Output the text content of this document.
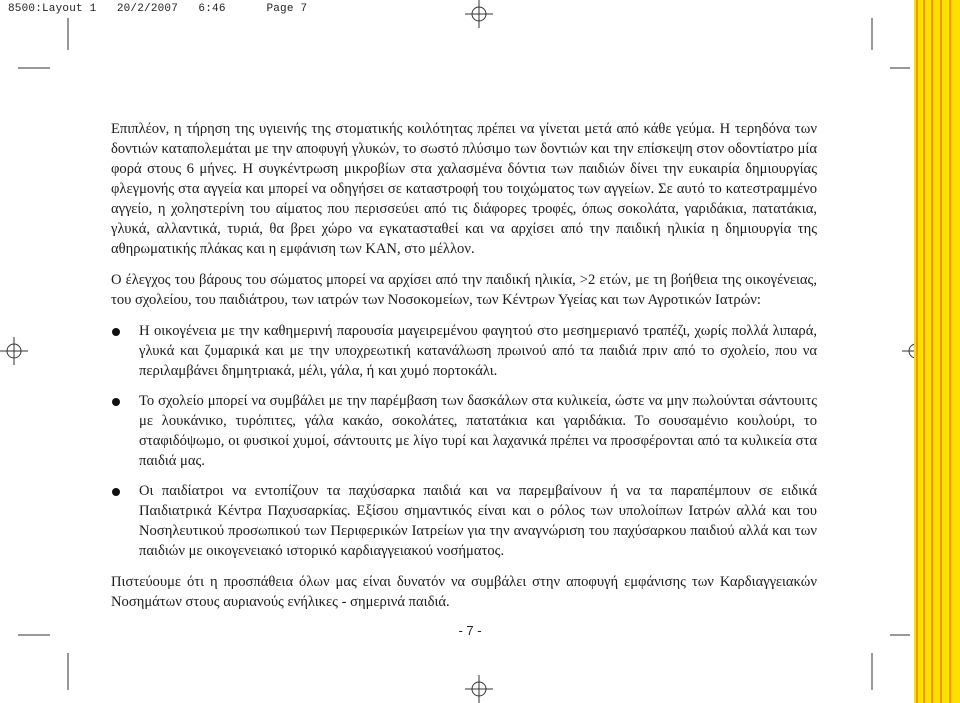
8500:Layout 1   20/2/2007   6:46      Page 7

Επιπλέον, η τήρηση της υγιεινής της στοματικής κοιλότητας πρέπει να γίνεται μετά από κάθε γεύμα. Η τερηδόνα των δοντιών καταπολεμάται με την αποφυγή γλυκών, το σωστό πλύσιμο των δοντιών και την επίσκεψη στον οδοντίατρο μία φορά στους 6 μήνες. Η συγκέντρωση μικροβίων στα χαλασμένα δόντια των παιδιών δίνει την ευκαιρία δημιουργίας φλεγμονής στα αγγεία και μπορεί να οδηγήσει σε καταστροφή του τοιχώματος των αγγείων. Σε αυτό το κατεστραμμένο αγγείο, η χοληστερίνη του αίματος που περισσεύει από τις διάφορες τροφές, όπως σοκολάτα, γαριδάκια, πατατάκια, γλυκά, αλλαντικά, τυριά, θα βρει χώρο να εγκατασταθεί και να αρχίσει από την παιδική ηλικία η δημιουργία της αθηρωματικής πλάκας και η εμφάνιση των ΚΑΝ, στο μέλλον.

Ο έλεγχος του βάρους του σώματος μπορεί να αρχίσει από την παιδική ηλικία, >2 ετών, με τη βοήθεια της οικογένειας, του σχολείου, του παιδιάτρου, των ιατρών των Νοσοκομείων, των Κέντρων Υγείας και των Αγροτικών Ιατρών:

Η οικογένεια με την καθημερινή παρουσία μαγειρεμένου φαγητού στο μεσημεριανό τραπέζι, χωρίς πολλά λιπαρά, γλυκά και ζυμαρικά και με την υποχρεωτική κατανάλωση πρωινού από τα παιδιά πριν από το σχολείο, που να περιλαμβάνει δημητριακά, μέλι, γάλα, ή και χυμό πορτοκάλι.
Το σχολείο μπορεί να συμβάλει με την παρέμβαση των δασκάλων στα κυλικεία, ώστε να μην πωλούνται σάντουιτς με λουκάνικο, τυρόπιτες, γάλα κακάο, σοκολάτες, πατατάκια και γαριδάκια. Το σουσαμένιο κουλούρι, το σταφιδόψωμο, οι φυσικοί χυμοί, σάντουιτς με λίγο τυρί και λαχανικά πρέπει να προσφέρονται από τα κυλικεία στα παιδιά μας.
Οι παιδίατροι να εντοπίζουν τα παχύσαρκα παιδιά και να παρεμβαίνουν ή να τα παραπέμπουν σε ειδικά Παιδιατρικά Κέντρα Παχυσαρκίας. Εξίσου σημαντικός είναι και ο ρόλος των υπολοίπων Ιατρών αλλά και του Νοσηλευτικού προσωπικού των Περιφερικών Ιατρείων για την αναγνώριση του παχύσαρκου παιδιού αλλά και των παιδιών με οικογενειακό ιστορικό καρδιαγγειακού νοσήματος.

Πιστεύουμε ότι η προσπάθεια όλων μας είναι δυνατόν να συμβάλει στην αποφυγή εμφάνισης των Καρδιαγγειακών Νοσημάτων στους αυριανούς ενήλικες - σημερινά παιδιά.

- 7 -
